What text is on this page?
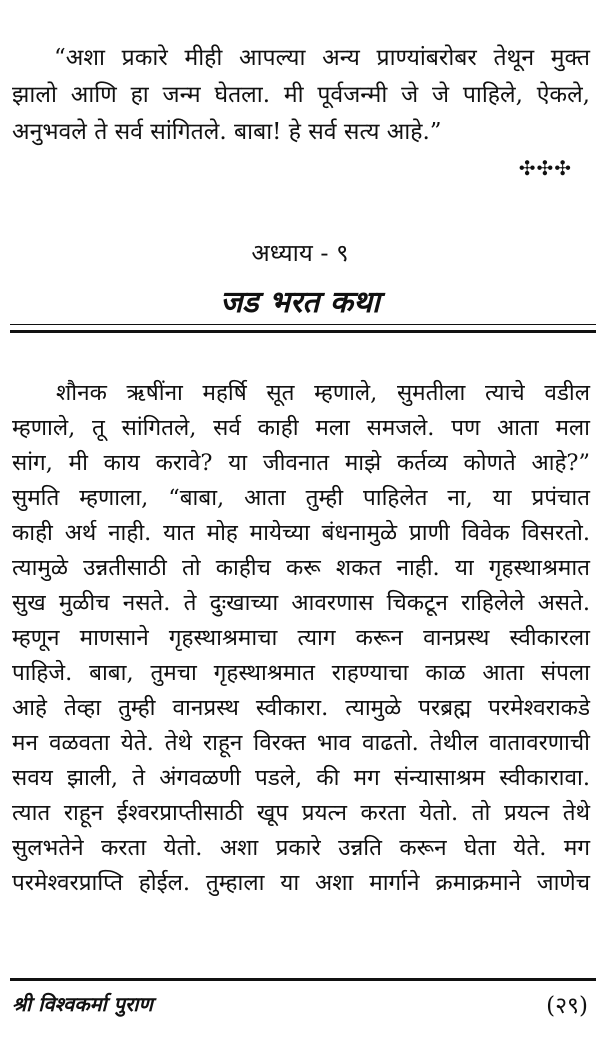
“अशा प्रकारे मीही आपल्या अन्य प्राण्यांबरोबर तेथून मुक्त
झालो आणि हा जन्म घेतला. मी पूर्वजन्मी जे जे पाहिले, ऐकले,
अनुभवले ते सर्व सांगितले. बाबा! हे सर्व सत्य आहे.”
✣✣✣
अध्याय - ९
जड भरत कथा
शौनक ऋषींना महर्षि सूत म्हणाले, सुमतीला त्याचे वडील
म्हणाले, तू सांगितले, सर्व काही मला समजले. पण आता मला
सांग, मी काय करावे? या जीवनात माझे कर्तव्य कोणते आहे?”
सुमति म्हणाला, “बाबा, आता तुम्ही पाहिलेत ना, या प्रपंचात
काही अर्थ नाही. यात मोह मायेच्या बंधनामुळे प्राणी विवेक विसरतो.
त्यामुळे उन्नतीसाठी तो काहीच करू शकत नाही. या गृहस्थाश्रमात
सुख मुळीच नसते. ते दुःखाच्या आवरणास चिकटून राहिलेले असते.
म्हणून माणसाने गृहस्थाश्रमाचा त्याग करून वानप्रस्थ स्वीकारला
पाहिजे. बाबा, तुमचा गृहस्थाश्रमात राहण्याचा काळ आता संपला
आहे तेव्हा तुम्ही वानप्रस्थ स्वीकारा. त्यामुळे परब्रह्म परमेश्वराकडे
मन वळवता येते. तेथे राहून विरक्त भाव वाढतो. तेथील वातावरणाची
सवय झाली, ते अंगवळणी पडले, की मग संन्यासाश्रम स्वीकारावा.
त्यात राहून ईश्वरप्राप्तीसाठी खूप प्रयत्न करता येतो. तो प्रयत्न तेथे
सुलभतेने करता येतो. अशा प्रकारे उन्नति करून घेता येते. मग
परमेश्वरप्राप्ति होईल. तुम्हाला या अशा मार्गाने क्रमाक्रमाने जाणेच
श्री विश्वकर्मा पुराण	(२९)
